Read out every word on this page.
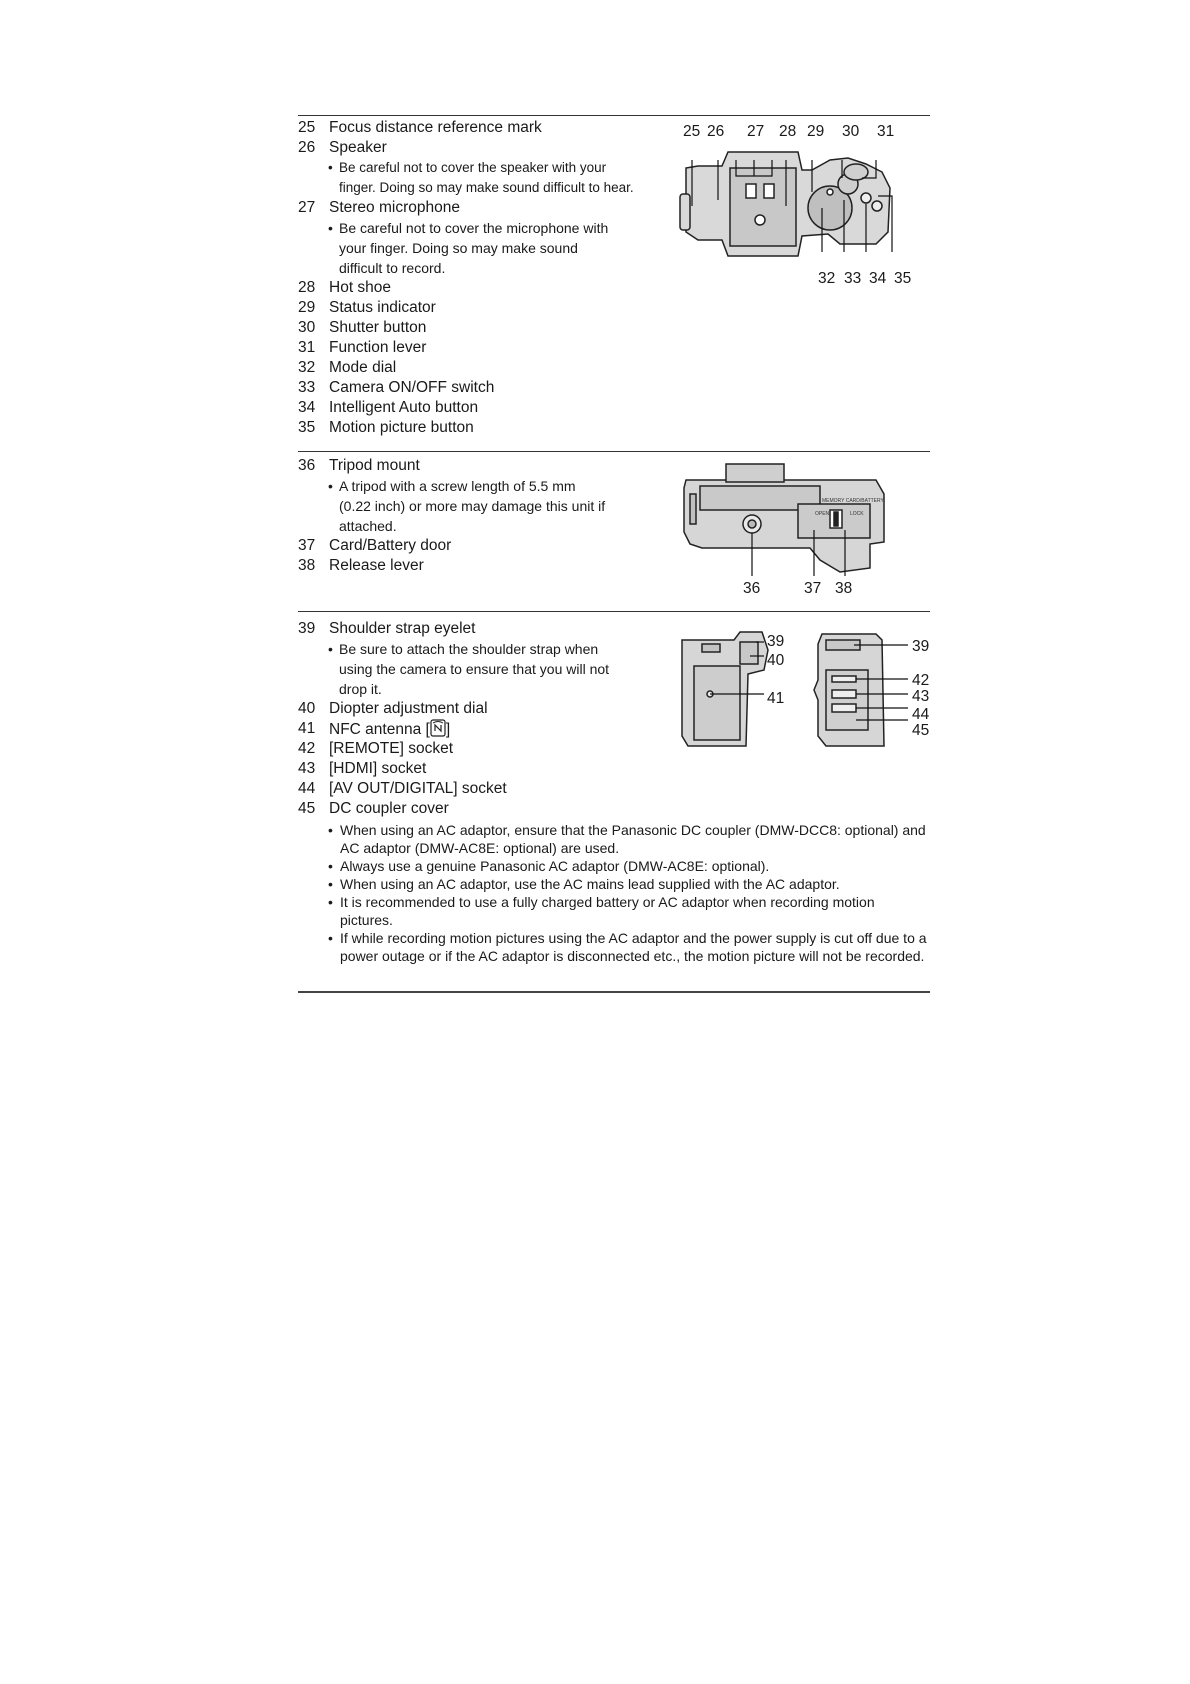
25 Focus distance reference mark
26 Speaker
• Be careful not to cover the speaker with your
finger. Doing so may make sound difficult to hear.
27 Stereo microphone
• Be careful not to cover the microphone with
your finger. Doing so may make sound
difficult to record.
28 Hot shoe
29 Status indicator
30 Shutter button
31 Function lever
32 Mode dial
33 Camera ON/OFF switch
34 Intelligent Auto button
35 Motion picture button
25 26 27 28 29 30 31
32 33 34 35
36 Tripod mount
• A tripod with a screw length of 5.5 mm
(0.22 inch) or more may damage this unit if
attached.
37 Card/Battery door
38 Release lever
MEMORY CARD/BATTERY
OPEN	LOCK
36	37 38
39 Shoulder strap eyelet
• Be sure to attach the shoulder strap when
using the camera to ensure that you will not
drop it.
40 Diopter adjustment dial
41 NFC antenna [ ]
42 [REMOTE] socket
43 [HDMI] socket
44 [AV OUT/DIGITAL] socket
45 DC coupler cover
39
40
41
39
42
43
44
45
• When using an AC adaptor, ensure that the Panasonic DC coupler (DMW-DCC8: optional) and AC adaptor (DMW-AC8E: optional) are used.
• Always use a genuine Panasonic AC adaptor (DMW-AC8E: optional).
• When using an AC adaptor, use the AC mains lead supplied with the AC adaptor.
• It is recommended to use a fully charged battery or AC adaptor when recording motion pictures.
• If while recording motion pictures using the AC adaptor and the power supply is cut off due to a power outage or if the AC adaptor is disconnected etc., the motion picture will not be recorded.
